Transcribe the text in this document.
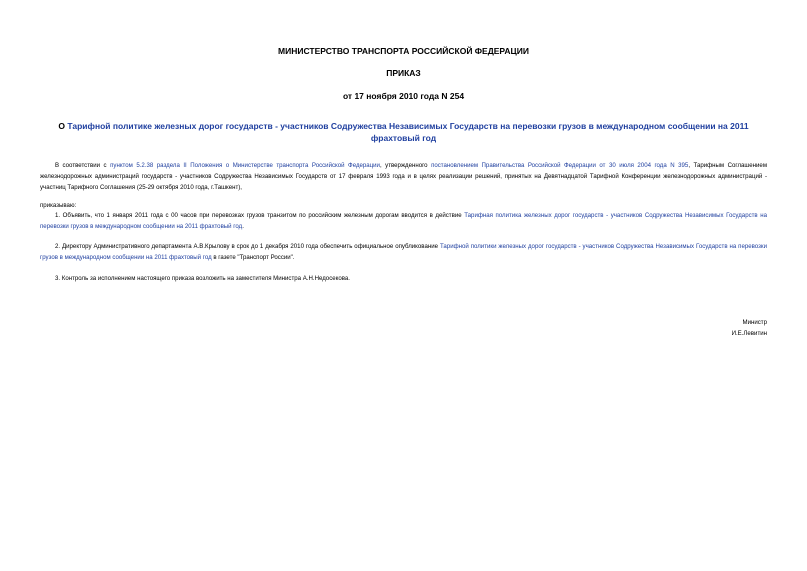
МИНИСТЕРСТВО ТРАНСПОРТА РОССИЙСКОЙ ФЕДЕРАЦИИ
ПРИКАЗ
от 17 ноября 2010 года N 254
О Тарифной политике железных дорог государств - участников Содружества Независимых Государств на перевозки грузов в международном сообщении на 2011 фрахтовый год
В соответствии с пунктом 5.2.38 раздела II Положения о Министерстве транспорта Российской Федерации, утвержденного постановлением Правительства Российской Федерации от 30 июля 2004 года N 395, Тарифным Соглашением железнодорожных администраций государств - участников Содружества Независимых Государств от 17 февраля 1993 года и в целях реализации решений, принятых на Девятнадцатой Тарифной Конференции железнодорожных администраций - участниц Тарифного Соглашения (25-29 октября 2010 года, г.Ташкент),
приказываю:
1. Объявить, что 1 января 2011 года с 00 часов при перевозках грузов транзитом по российским железным дорогам вводится в действие Тарифная политика железных дорог государств - участников Содружества Независимых Государств на перевозки грузов в международном сообщении на 2011 фрахтовый год.
2. Директору Административного департамента А.В.Крылову в срок до 1 декабря 2010 года обеспечить официальное опубликование Тарифной политики железных дорог государств - участников Содружества Независимых Государств на перевозки грузов в международном сообщении на 2011 фрахтовый год в газете "Транспорт России".
3. Контроль за исполнением настоящего приказа возложить на заместителя Министра А.Н.Недосекова.
Министр
И.Е.Левитин
